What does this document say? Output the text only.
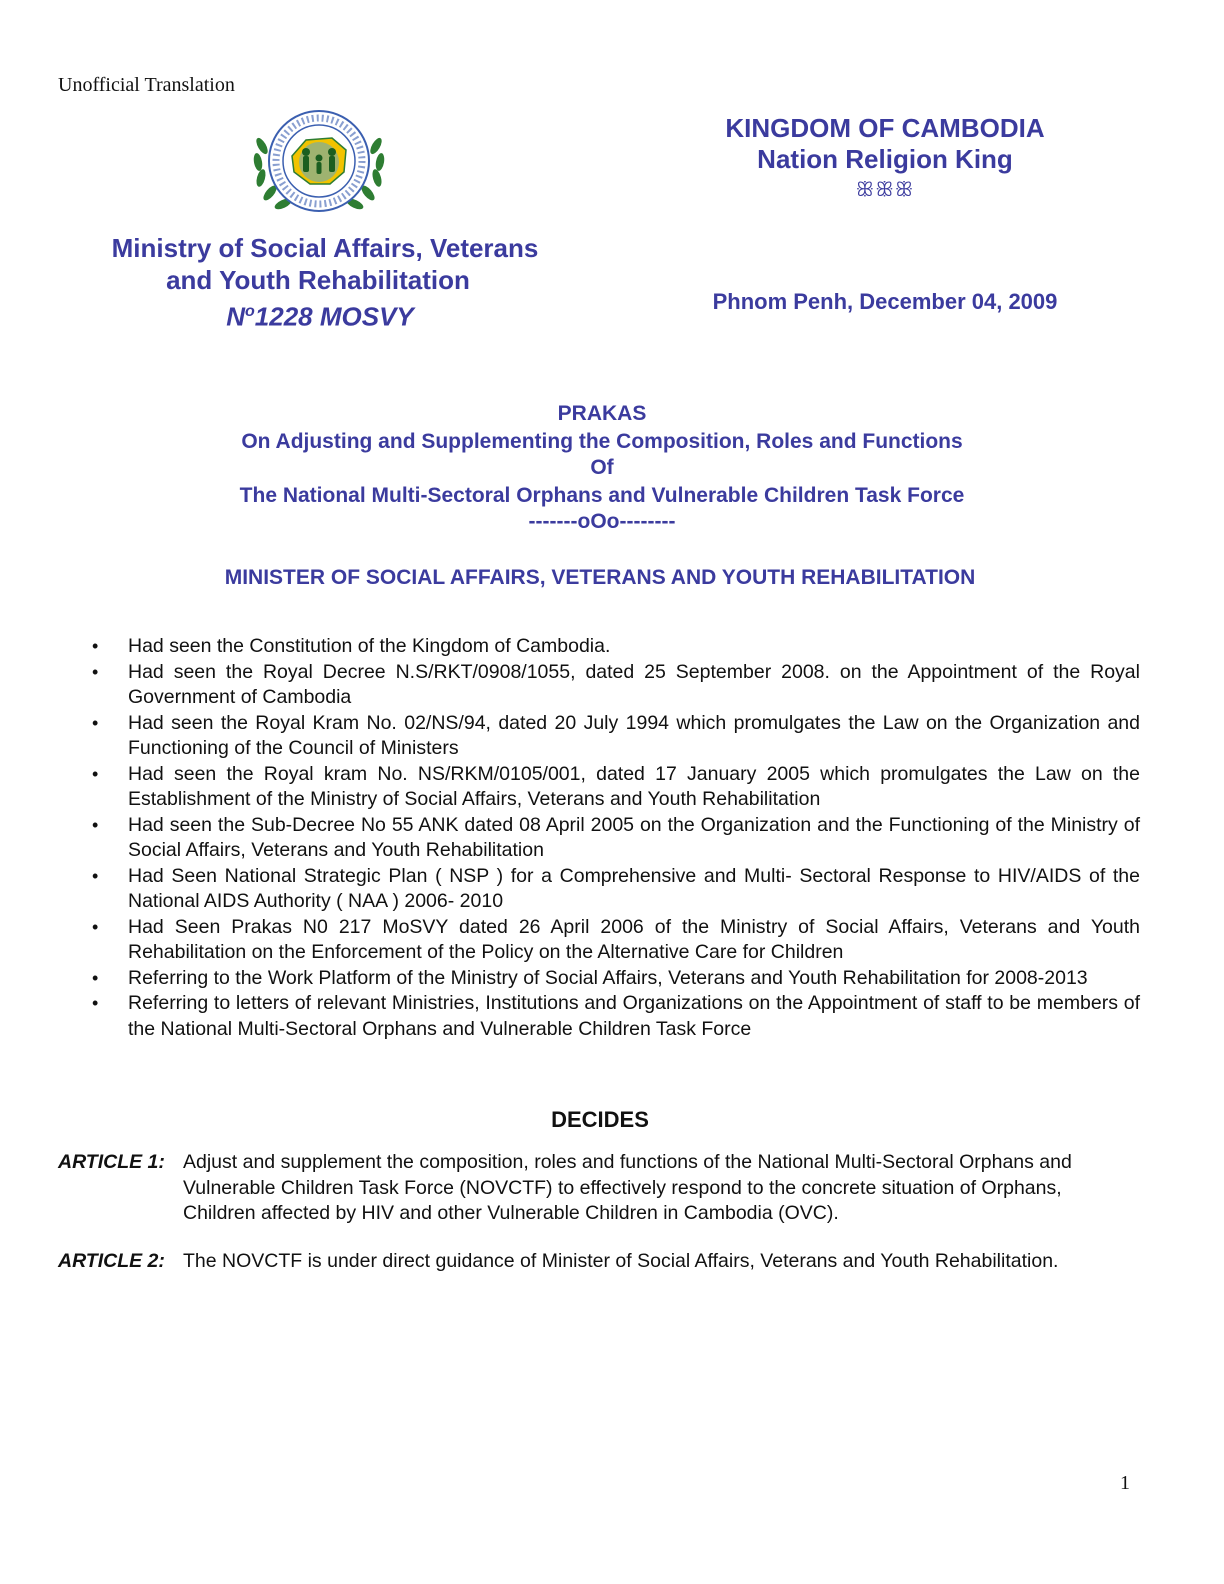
Unofficial Translation
KINGDOM OF CAMBODIA
Nation Religion King
ꕥꕥꕥ
Ministry of Social Affairs, Veterans
and Youth Rehabilitation
$N^o1228$ MOSVY
Phnom Penh, December 04, 2009
PRAKAS
On Adjusting and Supplementing the Composition, Roles and Functions
Of
The National Multi-Sectoral Orphans and Vulnerable Children Task Force
-------oOo--------
MINISTER OF SOCIAL AFFAIRS, VETERANS AND YOUTH REHABILITATION
• Had seen the Constitution of the Kingdom of Cambodia.
• Had seen the Royal Decree N.S/RKT/0908/1055, dated 25 September 2008. on the Appointment of the Royal Government of Cambodia
• Had seen the Royal Kram No. 02/NS/94, dated 20 July 1994 which promulgates the Law on the Organization and Functioning of the Council of Ministers
• Had seen the Royal kram No. NS/RKM/0105/001, dated 17 January 2005 which promulgates the Law on the Establishment of the Ministry of Social Affairs, Veterans and Youth Rehabilitation
• Had seen the Sub-Decree No 55 ANK dated 08 April 2005 on the Organization and the Functioning of the Ministry of Social Affairs, Veterans and Youth Rehabilitation
• Had Seen National Strategic Plan ( NSP ) for a Comprehensive and Multi- Sectoral Response to HIV/AIDS of the National AIDS Authority ( NAA ) 2006- 2010
• Had Seen Prakas N0 217 MoSVY dated 26 April 2006 of the Ministry of Social Affairs, Veterans and Youth Rehabilitation on the Enforcement of the Policy on the Alternative Care for Children
• Referring to the Work Platform of the Ministry of Social Affairs, Veterans and Youth Rehabilitation for 2008-2013
• Referring to letters of relevant Ministries, Institutions and Organizations on the Appointment of staff to be members of the National Multi-Sectoral Orphans and Vulnerable Children Task Force
DECIDES
ARTICLE 1: Adjust and supplement the composition, roles and functions of the National Multi-Sectoral Orphans and Vulnerable Children Task Force (NOVCTF) to effectively respond to the concrete situation of Orphans, Children affected by HIV and other Vulnerable Children in Cambodia (OVC).
ARTICLE 2: The NOVCTF is under direct guidance of Minister of Social Affairs, Veterans and Youth Rehabilitation.
1
